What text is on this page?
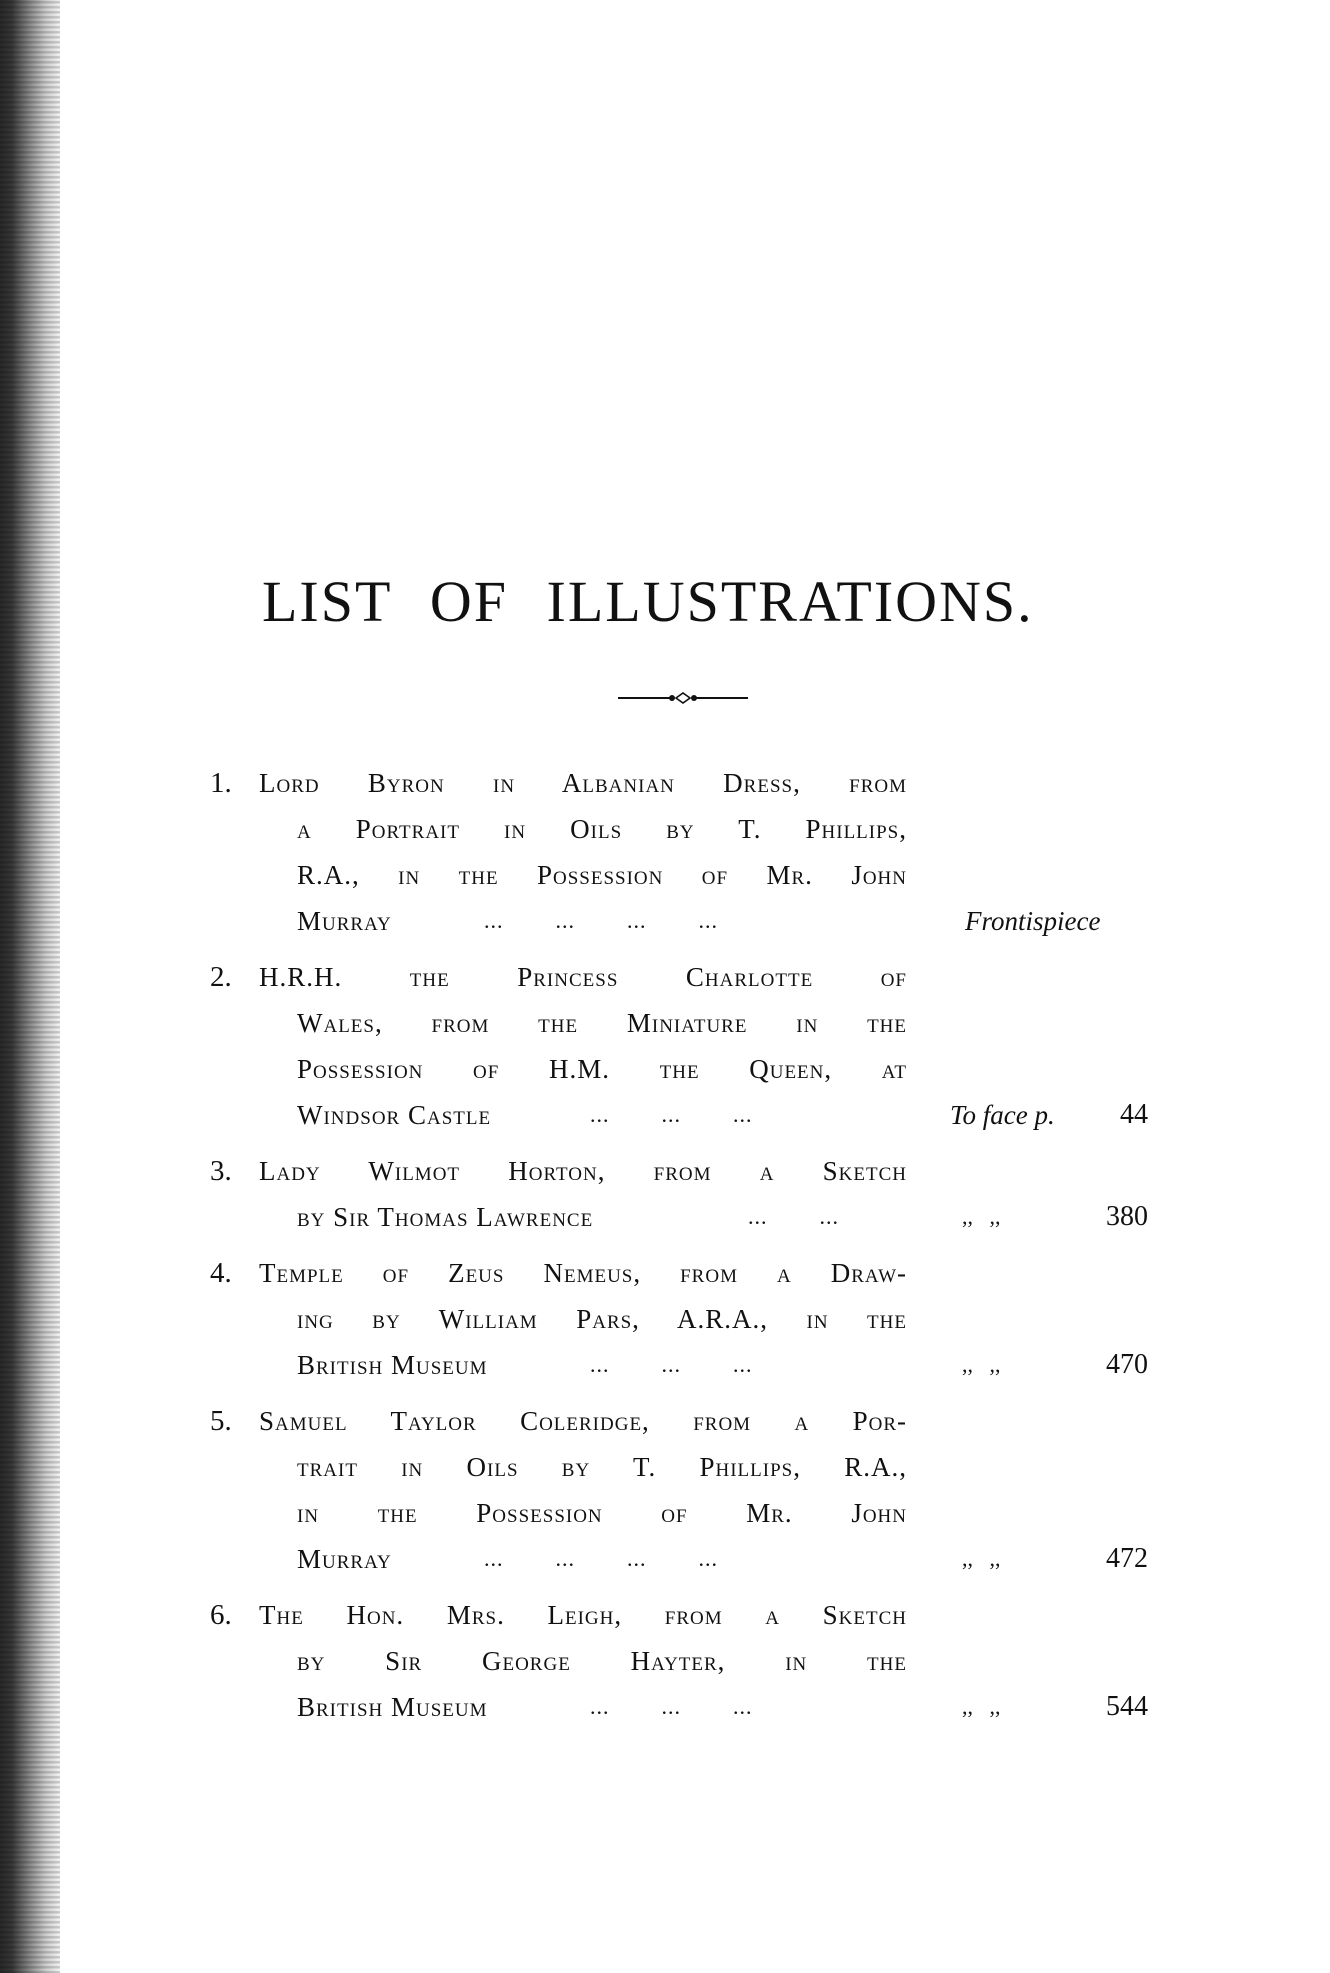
LIST OF ILLUSTRATIONS.
1. Lord Byron in Albanian Dress, from
a Portrait in Oils by T. Phillips,
R.A., in the Possession of Mr. John
Murray	...        ...        ...        ...	Frontispiece
2. H.R.H. the Princess Charlotte of
Wales, from the Miniature in the
Possession of H.M. the Queen, at
Windsor Castle	...        ...        ...	To face p.	44
3. Lady Wilmot Horton, from a Sketch
by Sir Thomas Lawrence	...        ...	,,   ,,	380
4. Temple of Zeus Nemeus, from a Draw-
ing by William Pars, A.R.A., in the
British Museum	...        ...        ...	,,   ,,	470
5. Samuel Taylor Coleridge, from a Por-
trait in Oils by T. Phillips, R.A.,
in the Possession of Mr. John
Murray	...        ...        ...        ...	,,   ,,	472
6. The Hon. Mrs. Leigh, from a Sketch
by Sir George Hayter, in the
British Museum	...        ...        ...	,,   ,,	544
